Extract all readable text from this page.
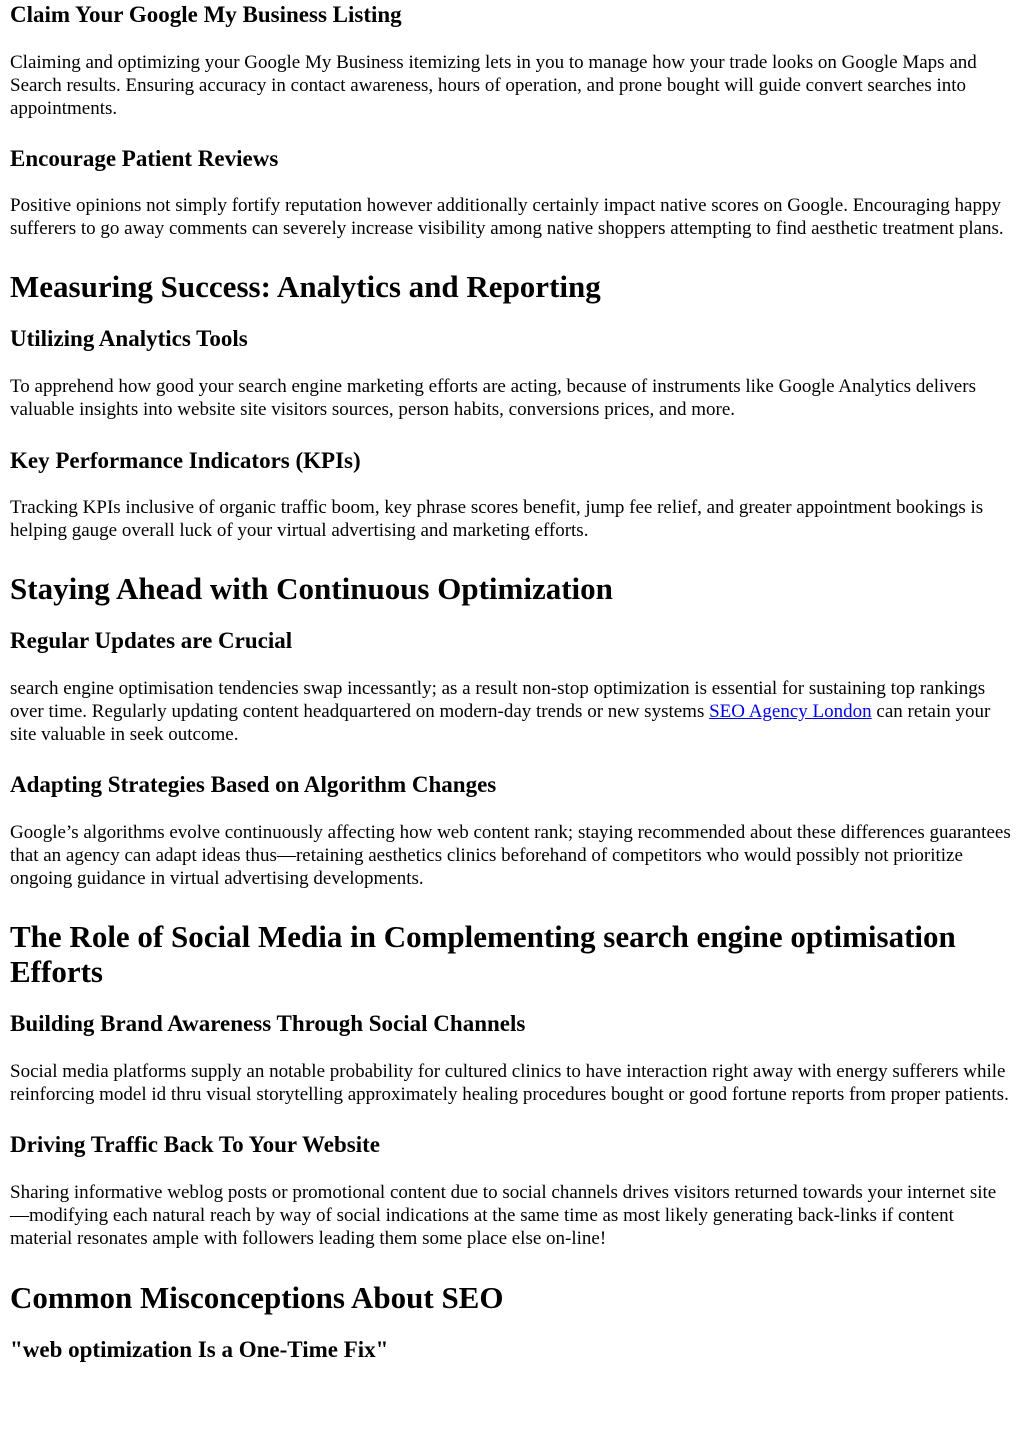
Claim Your Google My Business Listing

Claiming and optimizing your Google My Business itemizing lets in you to manage how your trade looks on Google Maps and Search results. Ensuring accuracy in contact awareness, hours of operation, and prone bought will guide convert searches into appointments.

Encourage Patient Reviews

Positive opinions not simply fortify reputation however additionally certainly impact native scores on Google. Encouraging happy sufferers to go away comments can severely increase visibility among native shoppers attempting to find aesthetic treatment plans.

Measuring Success: Analytics and Reporting
Utilizing Analytics Tools

To apprehend how good your search engine marketing efforts are acting, because of instruments like Google Analytics delivers valuable insights into website site visitors sources, person habits, conversions prices, and more.

Key Performance Indicators (KPIs)

Tracking KPIs inclusive of organic traffic boom, key phrase scores benefit, jump fee relief, and greater appointment bookings is helping gauge overall luck of your virtual advertising and marketing efforts.

Staying Ahead with Continuous Optimization
Regular Updates are Crucial

search engine optimisation tendencies swap incessantly; as a result non-stop optimization is essential for sustaining top rankings over time. Regularly updating content headquartered on modern-day trends or new systems SEO Agency London can retain your site valuable in seek outcome.

Adapting Strategies Based on Algorithm Changes

Google’s algorithms evolve continuously affecting how web content rank; staying recommended about these differences guarantees that an agency can adapt ideas thus—retaining aesthetics clinics beforehand of competitors who would possibly not prioritize ongoing guidance in virtual advertising developments.

The Role of Social Media in Complementing search engine optimisation Efforts
Building Brand Awareness Through Social Channels

Social media platforms supply an notable probability for cultured clinics to have interaction right away with energy sufferers while reinforcing model id thru visual storytelling approximately healing procedures bought or good fortune reports from proper patients.

Driving Traffic Back To Your Website

Sharing informative weblog posts or promotional content due to social channels drives visitors returned towards your internet site—modifying each natural reach by way of social indications at the same time as most likely generating back-links if content material resonates ample with followers leading them some place else on-line!

Common Misconceptions About SEO
"web optimization Is a One-Time Fix"
